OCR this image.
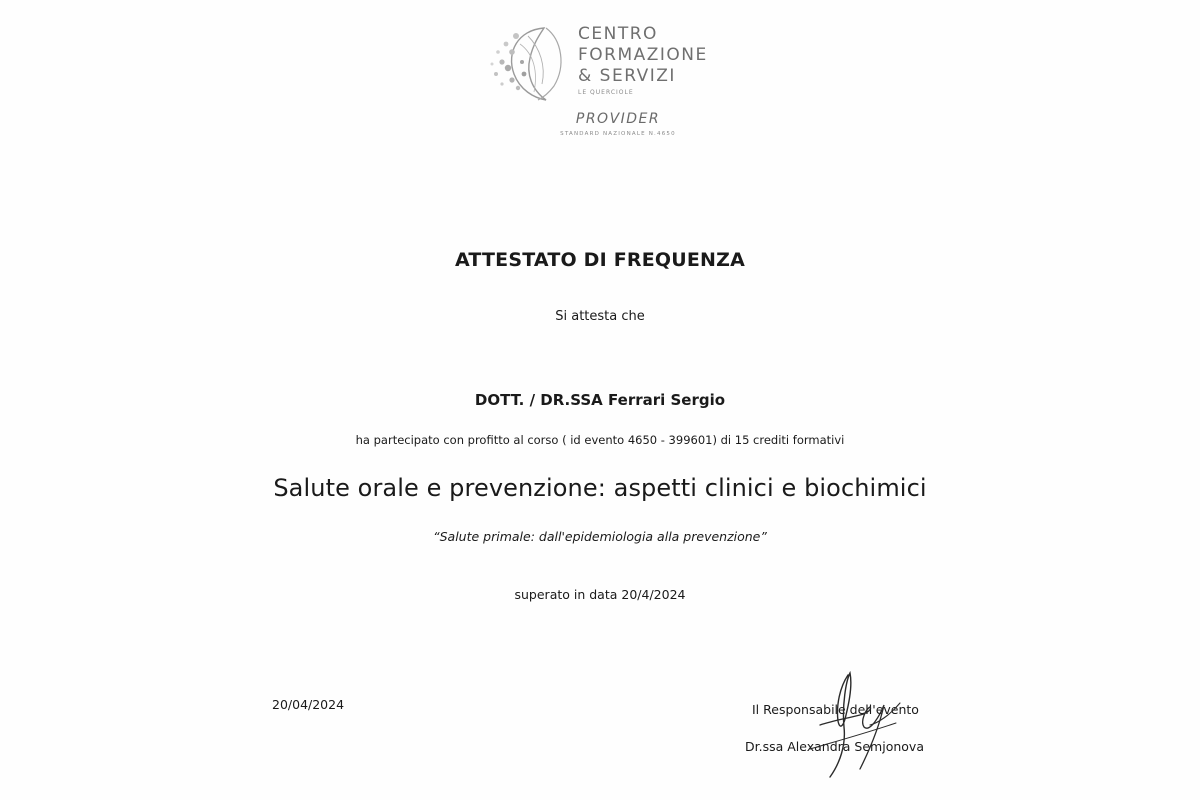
CENTRO
FORMAZIONE
& SERVIZI
LE QUERCIOLE
PROVIDER
STANDARD NAZIONALE N.4650
ATTESTATO DI FREQUENZA
Si attesta che
DOTT. / DR.SSA Ferrari Sergio
ha partecipato con profitto al corso ( id evento 4650 - 399601) di 15 crediti formativi
Salute orale e prevenzione: aspetti clinici e biochimici
“Salute primale: dall'epidemiologia alla prevenzione”
superato in data 20/4/2024
20/04/2024	Il Responsabile dell'evento
Dr.ssa Alexandra Semjonova
